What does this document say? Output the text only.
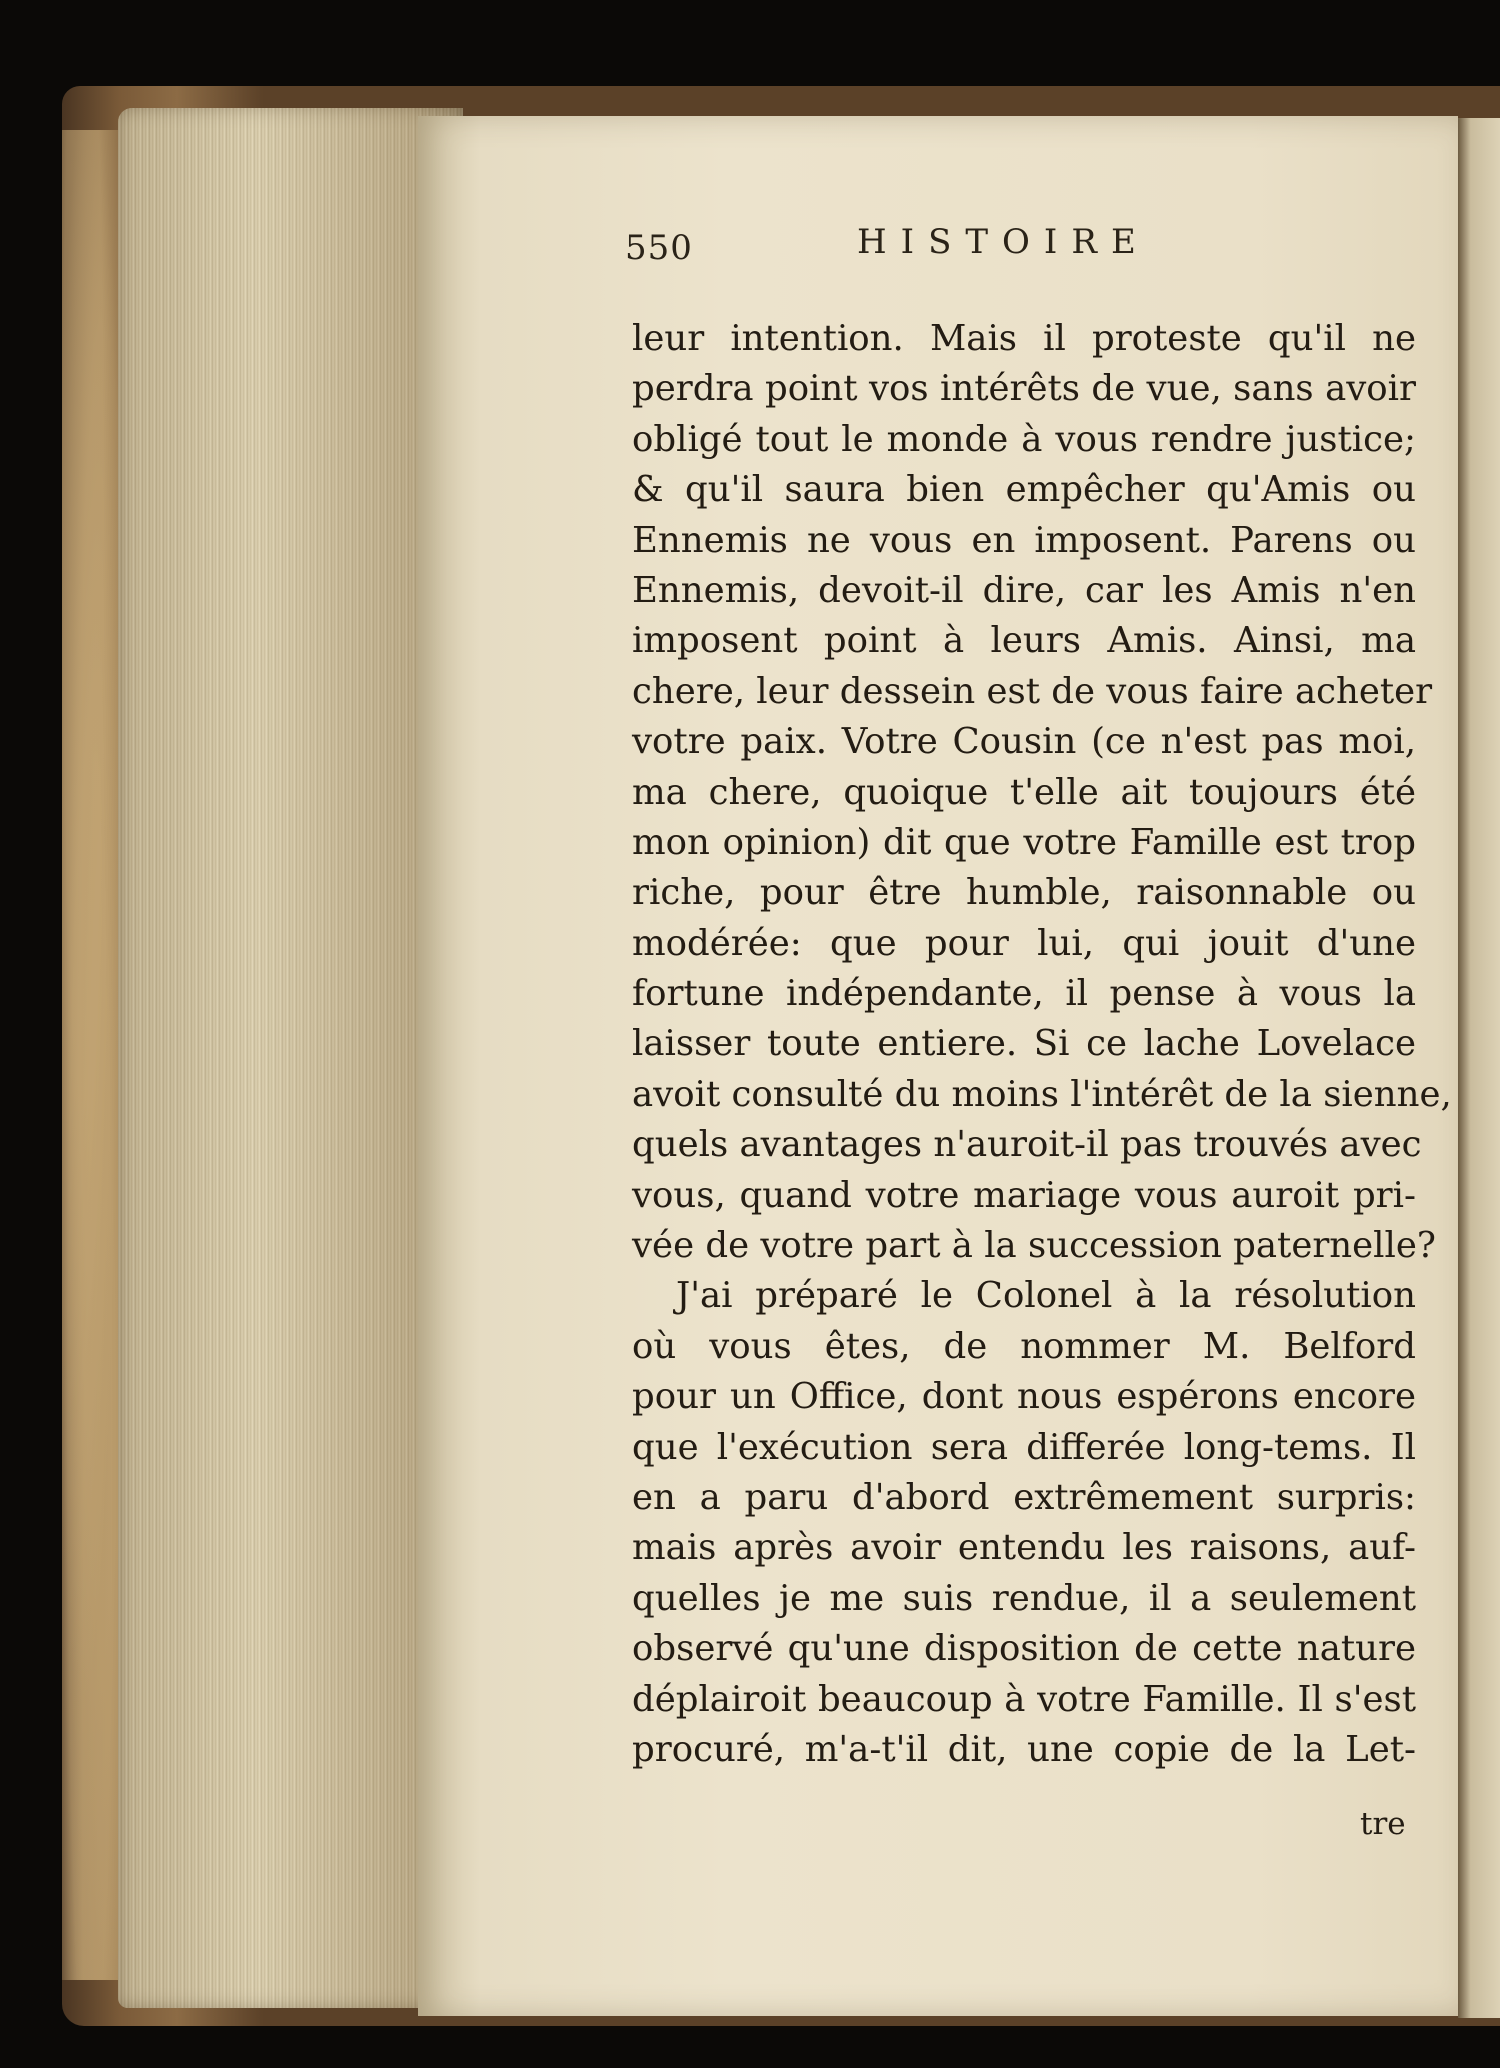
550	HISTOIRE
leur intention. Mais il proteste qu'il ne
perdra point vos intérêts de vue, sans avoir
obligé tout le monde à vous rendre justice;
& qu'il saura bien empêcher qu'Amis ou
Ennemis ne vous en imposent. Parens ou
Ennemis, devoit-il dire, car les Amis n'en
imposent point à leurs Amis. Ainsi, ma
chere, leur dessein est de vous faire acheter
votre paix. Votre Cousin (ce n'est pas moi,
ma chere, quoique t'elle ait toujours été
mon opinion) dit que votre Famille est trop
riche, pour être humble, raisonnable ou
modérée: que pour lui, qui jouit d'une
fortune indépendante, il pense à vous la
laisser toute entiere. Si ce lache Lovelace
avoit consulté du moins l'intérêt de la sienne,
quels avantages n'auroit-il pas trouvés avec
vous, quand votre mariage vous auroit pri-
vée de votre part à la succession paternelle?
J'ai préparé le Colonel à la résolution
où vous êtes, de nommer M. Belford
pour un Office, dont nous espérons encore
que l'exécution sera differée long-tems. Il
en a paru d'abord extrêmement surpris:
mais après avoir entendu les raisons, auf-
quelles je me suis rendue, il a seulement
observé qu'une disposition de cette nature
déplairoit beaucoup à votre Famille. Il s'est
procuré, m'a-t'il dit, une copie de la Let-
tre
